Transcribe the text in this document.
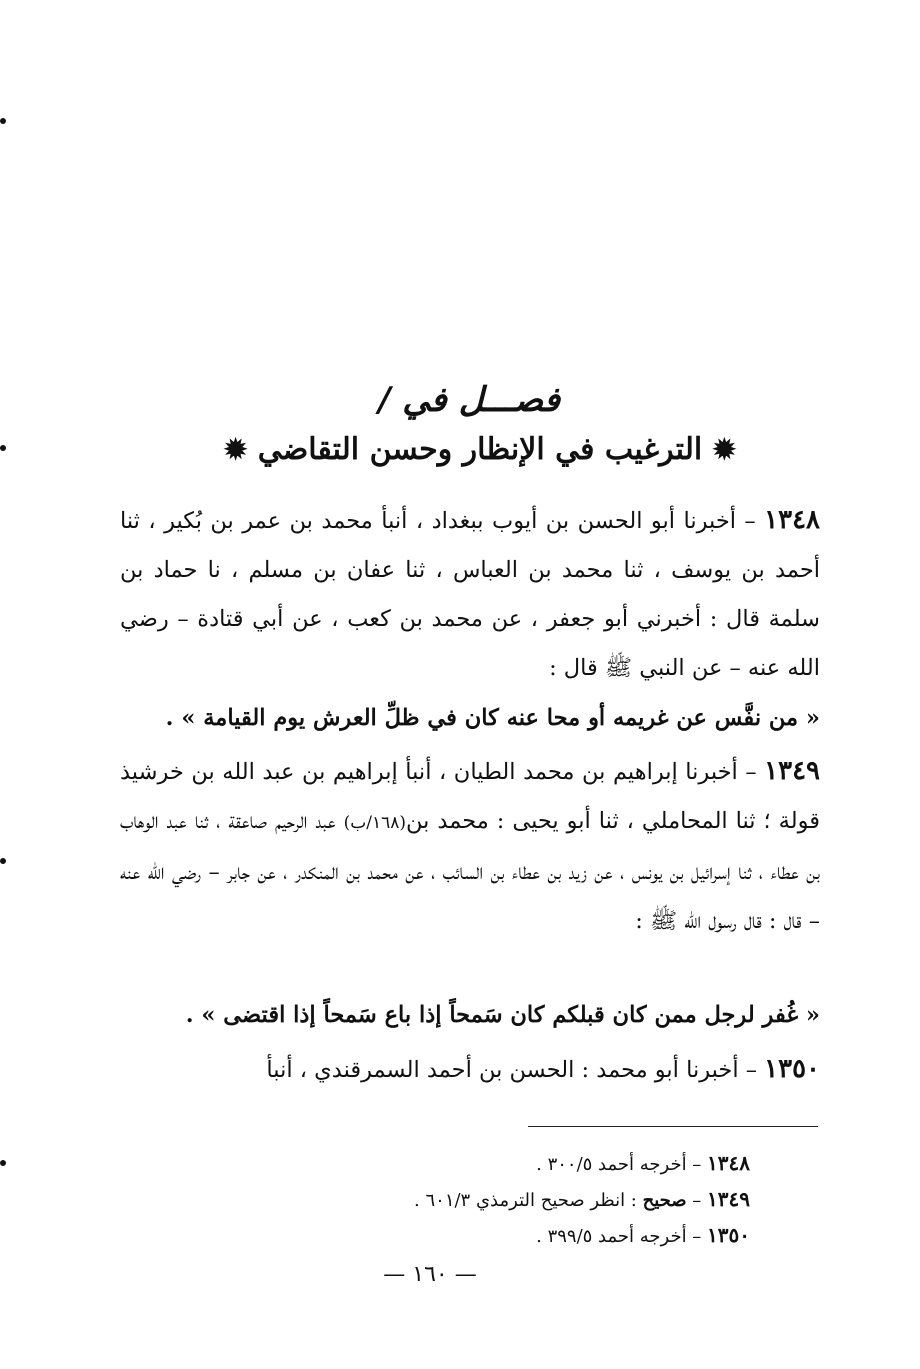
فصـــل في /
✹ الترغيب في الإنظار وحسن التقاضي ✹
١٣٤٨ – أخبرنا أبو الحسن بن أيوب ببغداد ، أنبأ محمد بن عمر بن بُكير ، ثنا أحمد بن يوسف ، ثنا محمد بن العباس ، ثنا عفان بن مسلم ، نا حماد بن سلمة قال : أخبرني أبو جعفر ، عن محمد بن كعب ، عن أبي قتادة – رضي الله عنه – عن النبي ﷺ قال :
« من نفَّس عن غريمه أو محا عنه كان في ظلِّ العرش يوم القيامة » .
١٣٤٩ – أخبرنا إبراهيم بن محمد الطيان ، أنبأ إبراهيم بن عبد الله بن خرشيذ قولة ؛ ثنا المحاملي ، ثنا أبو يحيى : محمد بن(١٦٨/ب) عبد الرحيم صاعقة ، ثنا عبد الوهاب بن عطاء ، ثنا إسرائيل بن يونس ، عن زيد بن عطاء بن السائب ، عن محمد بن المنكدر ، عن جابر – رضي الله عنه – قال : قال رسول الله ﷺ :
« غُفر لرجل ممن كان قبلكم كان سَمحاً إذا باع سَمحاً إذا اقتضى » .
١٣٥٠ – أخبرنا أبو محمد : الحسن بن أحمد السمرقندي ، أنبأ
١٣٤٨ – أخرجه أحمد ٣٠٠/٥ .
١٣٤٩ – صحيح : انظر صحيح الترمذي ٦٠١/٣ .
١٣٥٠ – أخرجه أحمد ٣٩٩/٥ .
— ١٦٠ —
